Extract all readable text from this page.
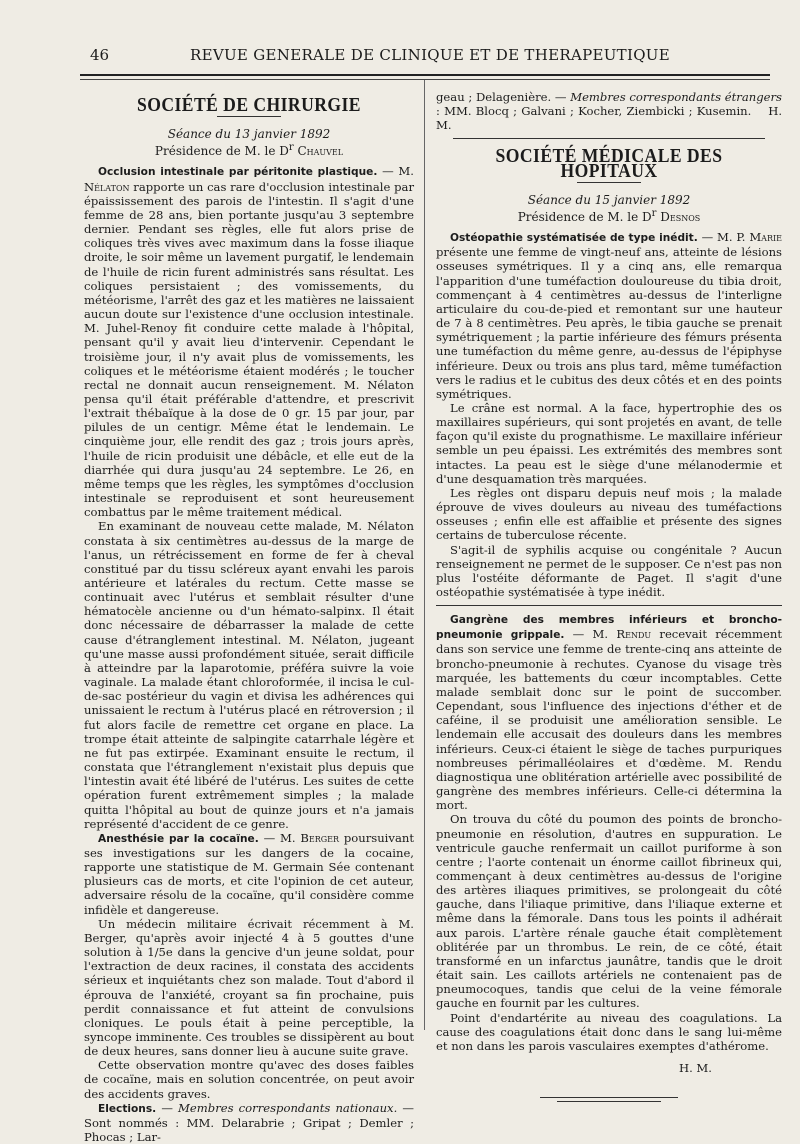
46	REVUE GENERALE DE CLINIQUE ET DE THERAPEUTIQUE
SOCIÉTÉ DE CHIRURGIE
Séance du 13 janvier 1892
Présidence de M. le $D^r$ Chauvel

Occlusion intestinale par péritonite plastique. — M. Nélaton rapporte un cas rare d'occlusion intestinale par épaississement des parois de l'intestin. Il s'agit d'une femme de 28 ans, bien portante jusqu'au 3 septembre dernier. Pendant ses règles, elle fut alors prise de coliques très vives avec maximum dans la fosse iliaque droite, le soir même un lavement purgatif, le lendemain de l'huile de ricin furent administrés sans résultat. Les coliques persistaient ; des vomissements, du météorisme, l'arrêt des gaz et les matières ne laissaient aucun doute sur l'existence d'une occlusion intestinale. M. Juhel-Renoy fit conduire cette malade à l'hôpital, pensant qu'il y avait lieu d'intervenir. Cependant le troisième jour, il n'y avait plus de vomissements, les coliques et le météorisme étaient modérés ; le toucher rectal ne donnait aucun renseignement. M. Nélaton pensa qu'il était préférable d'attendre, et prescrivit l'extrait thébaïque à la dose de 0 gr. 15 par jour, par pilules de un centigr. Même état le lendemain. Le cinquième jour, elle rendit des gaz ; trois jours après, l'huile de ricin produisit une débâcle, et elle eut de la diarrhée qui dura jusqu'au 24 septembre. Le 26, en même temps que les règles, les symptômes d'occlusion intestinale se reproduisent et sont heureusement combattus par le même traitement médical.

En examinant de nouveau cette malade, M. Nélaton constata à six centimètres au-dessus de la marge de l'anus, un rétrécissement en forme de fer à cheval constitué par du tissu scléreux ayant envahi les parois antérieure et latérales du rectum. Cette masse se continuait avec l'utérus et semblait résulter d'une hématocèle ancienne ou d'un hémato-salpinx. Il était donc nécessaire de débarrasser la malade de cette cause d'étranglement intestinal. M. Nélaton, jugeant qu'une masse aussi profondément située, serait difficile à atteindre par la laparotomie, préféra suivre la voie vaginale. La malade étant chloroformée, il incisa le cul-de-sac postérieur du vagin et divisa les adhérences qui unissaient le rectum à l'utérus placé en rétroversion ; il fut alors facile de remettre cet organe en place. La trompe était atteinte de salpingite catarrhale légère et ne fut pas extirpée. Examinant ensuite le rectum, il constata que l'étranglement n'existait plus depuis que l'intestin avait été libéré de l'utérus. Les suites de cette opération furent extrêmement simples ; la malade quitta l'hôpital au bout de quinze jours et n'a jamais représenté d'accident de ce genre.

Anesthésie par la cocaïne. — M. Berger poursuivant ses investigations sur les dangers de la cocaine, rapporte une statistique de M. Germain Sée contenant plusieurs cas de morts, et cite l'opinion de cet auteur, adversaire résolu de la cocaïne, qu'il considère comme infidèle et dangereuse.

Un médecin militaire écrivait récemment à M. Berger, qu'après avoir injecté 4 à 5 gouttes d'une solution à 1/5e dans la gencive d'un jeune soldat, pour l'extraction de deux racines, il constata des accidents sérieux et inquiétants chez son malade. Tout d'abord il éprouva de l'anxiété, croyant sa fin prochaine, puis perdit connaissance et fut atteint de convulsions cloniques. Le pouls était à peine perceptible, la syncope imminente. Ces troubles se dissipèrent au bout de deux heures, sans donner lieu à aucune suite grave.

Cette observation montre qu'avec des doses faibles de cocaïne, mais en solution concentrée, on peut avoir des accidents graves.

Elections. — Membres correspondants nationaux. — Sont nommés : MM. Delarabrie ; Gripat ; Demler ; Phocas ; Lar-

geau ; Delagenière. — Membres correspondants étrangers : MM. Blocq ; Galvani ; Kocher, Ziembicki ; Kusemin. H. M.

SOCIÉTÉ MÉDICALE DES HOPITAUX
Séance du 15 janvier 1892
Présidence de M. le $D^r$ Desnos

Ostéopathie systématisée de type inédit. — M. P. Marie présente une femme de vingt-neuf ans, atteinte de lésions osseuses symétriques. Il y a cinq ans, elle remarqua l'apparition d'une tuméfaction douloureuse du tibia droit, commençant à 4 centimètres au-dessus de l'interligne articulaire du cou-de-pied et remontant sur une hauteur de 7 à 8 centimètres. Peu après, le tibia gauche se prenait symétriquement ; la partie inférieure des fémurs présenta une tuméfaction du même genre, au-dessus de l'épiphyse inférieure. Deux ou trois ans plus tard, même tuméfaction vers le radius et le cubitus des deux côtés et en des points symétriques.

Le crâne est normal. A la face, hypertrophie des os maxillaires supérieurs, qui sont projetés en avant, de telle façon qu'il existe du prognathisme. Le maxillaire inférieur semble un peu épaissi. Les extrémités des membres sont intactes. La peau est le siège d'une mélanodermie et d'une desquamation très marquées.

Les règles ont disparu depuis neuf mois ; la malade éprouve de vives douleurs au niveau des tuméfactions osseuses ; enfin elle est affaiblie et présente des signes certains de tuberculose récente.

S'agit-il de syphilis acquise ou congénitale ? Aucun renseignement ne permet de le supposer. Ce n'est pas non plus l'ostéite déformante de Paget. Il s'agit d'une ostéopathie systématisée à type inédit.

Gangrène des membres inférieurs et broncho-pneumonie grippale. — M. Rendu recevait récemment dans son service une femme de trente-cinq ans atteinte de broncho-pneumonie à rechutes. Cyanose du visage très marquée, les battements du cœur incomptables. Cette malade semblait donc sur le point de succomber. Cependant, sous l'influence des injections d'éther et de caféine, il se produisit une amélioration sensible. Le lendemain elle accusait des douleurs dans les membres inférieurs. Ceux-ci étaient le siège de taches purpuriques nombreuses périmalléolaires et d'œdème. M. Rendu diagnostiqua une oblitération artérielle avec possibilité de gangrène des membres inférieurs. Celle-ci détermina la mort.

On trouva du côté du poumon des points de broncho-pneumonie en résolution, d'autres en suppuration. Le ventricule gauche renfermait un caillot puriforme à son centre ; l'aorte contenait un énorme caillot fibrineux qui, commençant à deux centimètres au-dessus de l'origine des artères iliaques primitives, se prolongeait du côté gauche, dans l'iliaque primitive, dans l'iliaque externe et même dans la fémorale. Dans tous les points il adhérait aux parois. L'artère rénale gauche était complètement oblitérée par un thrombus. Le rein, de ce côté, était transformé en un infarctus jaunâtre, tandis que le droit était sain. Les caillots artériels ne contenaient pas de pneumocoques, tandis que celui de la veine fémorale gauche en fournit par les cultures.

Point d'endartérite au niveau des coagulations. La cause des coagulations était donc dans le sang lui-même et non dans les parois vasculaires exemptes d'athérome.

H. M.
